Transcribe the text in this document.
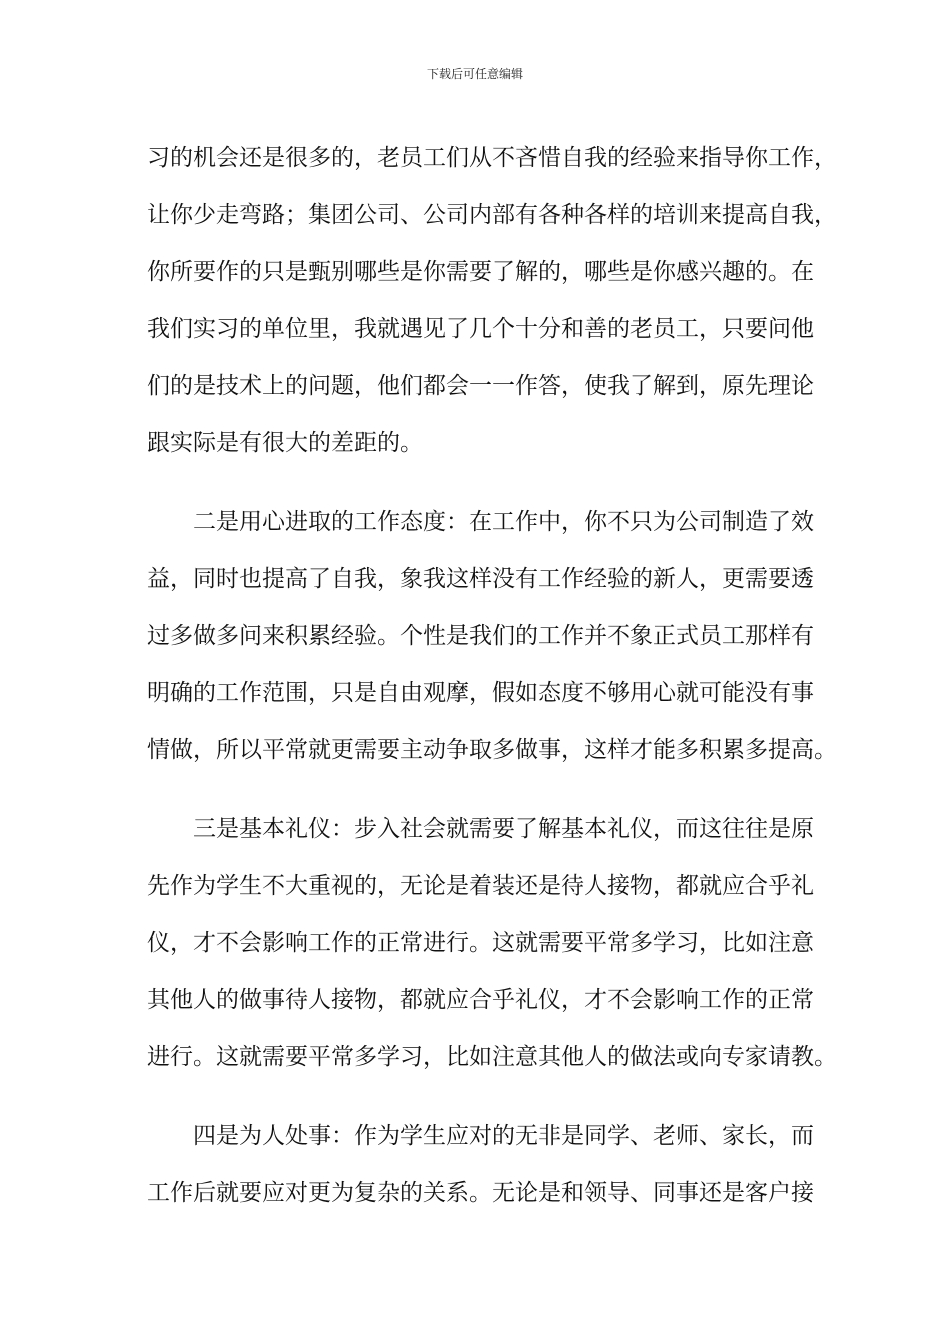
下载后可任意编辑
习的机会还是很多的，老员工们从不吝惜自我的经验来指导你工作，
让你少走弯路；集团公司、公司内部有各种各样的培训来提高自我，
你所要作的只是甄别哪些是你需要了解的，哪些是你感兴趣的。在
我们实习的单位里，我就遇见了几个十分和善的老员工，只要问他
们的是技术上的问题，他们都会一一作答，使我了解到，原先理论
跟实际是有很大的差距的。
二是用心进取的工作态度：在工作中，你不只为公司制造了效
益，同时也提高了自我，象我这样没有工作经验的新人，更需要透
过多做多问来积累经验。个性是我们的工作并不象正式员工那样有
明确的工作范围，只是自由观摩，假如态度不够用心就可能没有事
情做，所以平常就更需要主动争取多做事，这样才能多积累多提高。
三是基本礼仪：步入社会就需要了解基本礼仪，而这往往是原
先作为学生不大重视的，无论是着装还是待人接物，都就应合乎礼
仪，才不会影响工作的正常进行。这就需要平常多学习，比如注意
其他人的做事待人接物，都就应合乎礼仪，才不会影响工作的正常
进行。这就需要平常多学习，比如注意其他人的做法或向专家请教。
四是为人处事：作为学生应对的无非是同学、老师、家长，而
工作后就要应对更为复杂的关系。无论是和领导、同事还是客户接
